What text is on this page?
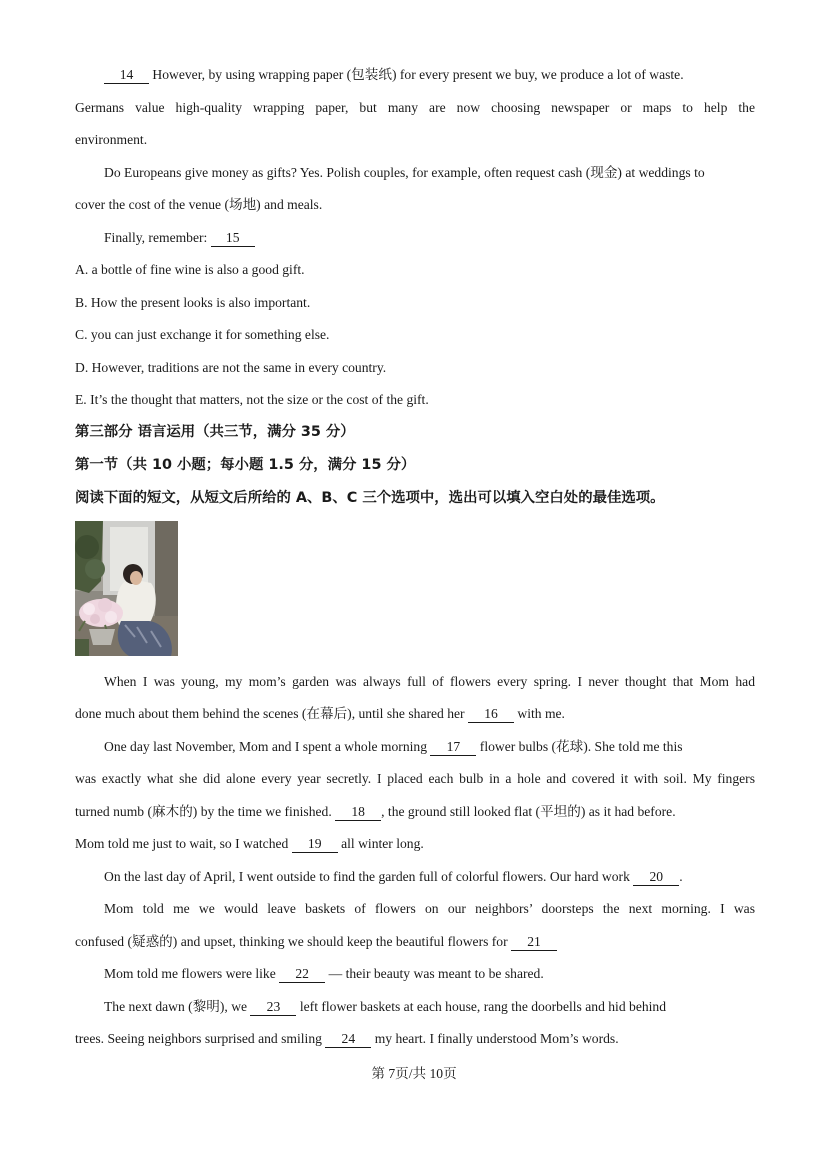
14 However, by using wrapping paper (包装纸) for every present we buy, we produce a lot of waste.
Germans value high-quality wrapping paper, but many are now choosing newspaper or maps to help the
environment.
Do Europeans give money as gifts? Yes. Polish couples, for example, often request cash (现金) at weddings to
cover the cost of the venue (场地) and meals.
Finally, remember: 15
A. a bottle of fine wine is also a good gift.
B. How the present looks is also important.
C. you can just exchange it for something else.
D. However, traditions are not the same in every country.
E. It’s the thought that matters, not the size or the cost of the gift.
第三部分 语言运用（共三节，满分 35 分）
第一节（共 10 小题；每小题 1.5 分，满分 15 分）
阅读下面的短文，从短文后所给的 A、B、C 三个选项中，选出可以填入空白处的最佳选项。
When I was young, my mom’s garden was always full of flowers every spring. I never thought that Mom had
done much about them behind the scenes (在幕后), until she shared her 16 with me.
One day last November, Mom and I spent a whole morning 17 flower bulbs (花球). She told me this
was exactly what she did alone every year secretly. I placed each bulb in a hole and covered it with soil. My fingers
turned numb (麻木的) by the time we finished. 18 , the ground still looked flat (平坦的) as it had before.
Mom told me just to wait, so I watched 19 all winter long.
On the last day of April, I went outside to find the garden full of colorful flowers. Our hard work 20 .
Mom told me we would leave baskets of flowers on our neighbors’ doorsteps the next morning. I was
confused (疑惑的) and upset, thinking we should keep the beautiful flowers for 21
Mom told me flowers were like 22 — their beauty was meant to be shared.
The next dawn (黎明), we 23 left flower baskets at each house, rang the doorbells and hid behind
trees. Seeing neighbors surprised and smiling 24 my heart. I finally understood Mom’s words.
第 7页/共 10页
